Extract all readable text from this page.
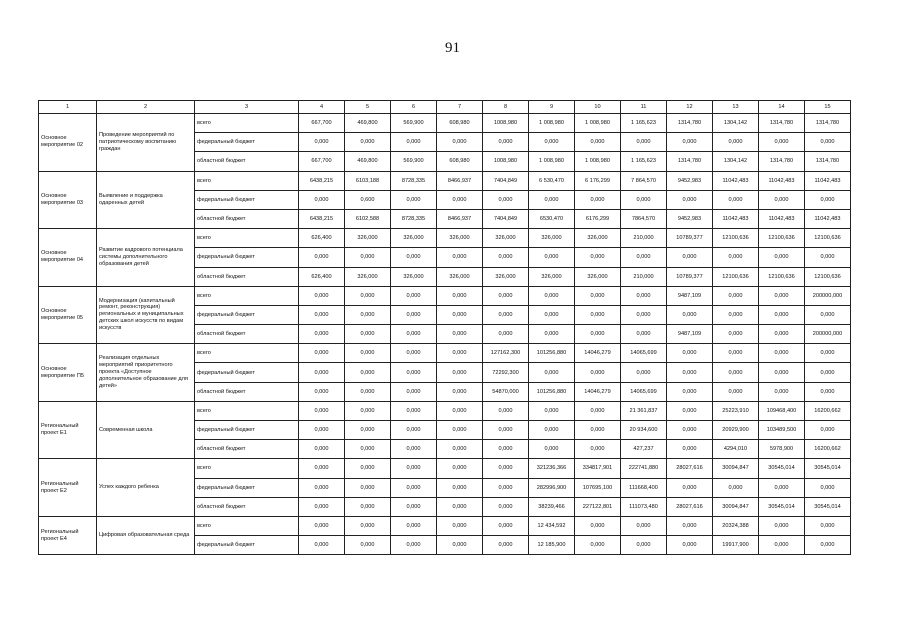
91
1	2	3	4	5	6	7	8	9	10	11	12	13	14	15
Основное мероприятие 02	Проведение мероприятий по патриотическому воспитанию граждан	всего	667,700	469,800	569,900	608,980	1008,980	1 008,980	1 008,980	1 165,623	1314,780	1304,142	1314,780	1314,780
		федеральный бюджет	0,000	0,000	0,000	0,000	0,000	0,000	0,000	0,000	0,000	0,000	0,000	0,000
		областной бюджет	667,700	469,800	569,900	608,980	1008,980	1 008,980	1 008,980	1 165,623	1314,780	1304,142	1314,780	1314,780
Основное мероприятие 03	Выявление и поддержка одаренных детей	всего	6438,215	6103,188	8728,335	8466,937	7404,849	6 530,470	6 176,299	7 864,570	9452,983	11042,483	11042,483	11042,483
		федеральный бюджет	0,000	0,600	0,000	0,000	0,000	0,000	0,000	0,000	0,000	0,000	0,000	0,000
		областной бюджет	6438,215	6102,588	8728,335	8466,937	7404,849	6530,470	6176,299	7864,570	9452,983	11042,483	11042,483	11042,483
Основное мероприятие 04	Развитие кадрового потенциала системы дополнительного образования детей	всего	626,400	326,000	326,000	326,000	326,000	326,000	326,000	210,000	10789,377	12100,636	12100,636	12100,636
		федеральный бюджет	0,000	0,000	0,000	0,000	0,000	0,000	0,000	0,000	0,000	0,000	0,000	0,000
		областной бюджет	626,400	326,000	326,000	326,000	326,000	326,000	326,000	210,000	10789,377	12100,636	12100,636	12100,636
Основное мероприятие 05	Модернизация (капитальный ремонт, реконструкция) региональных и муниципальных детских школ искусств по видам искусств	всего	0,000	0,000	0,000	0,000	0,000	0,000	0,000	0,000	9487,109	0,000	0,000	200000,000
		федеральный бюджет	0,000	0,000	0,000	0,000	0,000	0,000	0,000	0,000	0,000	0,000	0,000	0,000
		областной бюджет	0,000	0,000	0,000	0,000	0,000	0,000	0,000	0,000	9487,109	0,000	0,000	200000,000
Основное мероприятие П5	Реализация отдельных мероприятий приоритетного проекта «Доступное дополнительное образование для детей»	всего	0,000	0,000	0,000	0,000	127162,300	101256,880	14046,279	14065,699	0,000	0,000	0,000	0,000
		федеральный бюджет	0,000	0,000	0,000	0,000	72292,300	0,000	0,000	0,000	0,000	0,000	0,000	0,000
		областной бюджет	0,000	0,000	0,000	0,000	54870,000	101256,880	14046,279	14065,699	0,000	0,000	0,000	0,000
Региональный проект Е1	Современная школа	всего	0,000	0,000	0,000	0,000	0,000	0,000	0,000	21 361,837	0,000	25223,910	109468,400	16200,662
		федеральный бюджет	0,000	0,000	0,000	0,000	0,000	0,000	0,000	20 934,600	0,000	20929,900	103489,500	0,000
		областной бюджет	0,000	0,000	0,000	0,000	0,000	0,000	0,000	427,237	0,000	4294,010	5978,900	16200,662
Региональный проект Е2	Успех каждого ребенка	всего	0,000	0,000	0,000	0,000	0,000	321236,366	334817,901	222741,880	28027,616	30094,847	30545,014	30545,014
		федеральный бюджет	0,000	0,000	0,000	0,000	0,000	282996,900	107695,100	111668,400	0,000	0,000	0,000	0,000
		областной бюджет	0,000	0,000	0,000	0,000	0,000	38239,466	227122,801	111073,480	28027,616	30094,847	30545,014	30545,014
Региональный проект Е4	Цифровая образовательная среда	всего	0,000	0,000	0,000	0,000	0,000	12 434,592	0,000	0,000	0,000	20324,388	0,000	0,000
		федеральный бюджет	0,000	0,000	0,000	0,000	0,000	12 185,900	0,000	0,000	0,000	19917,900	0,000	0,000
